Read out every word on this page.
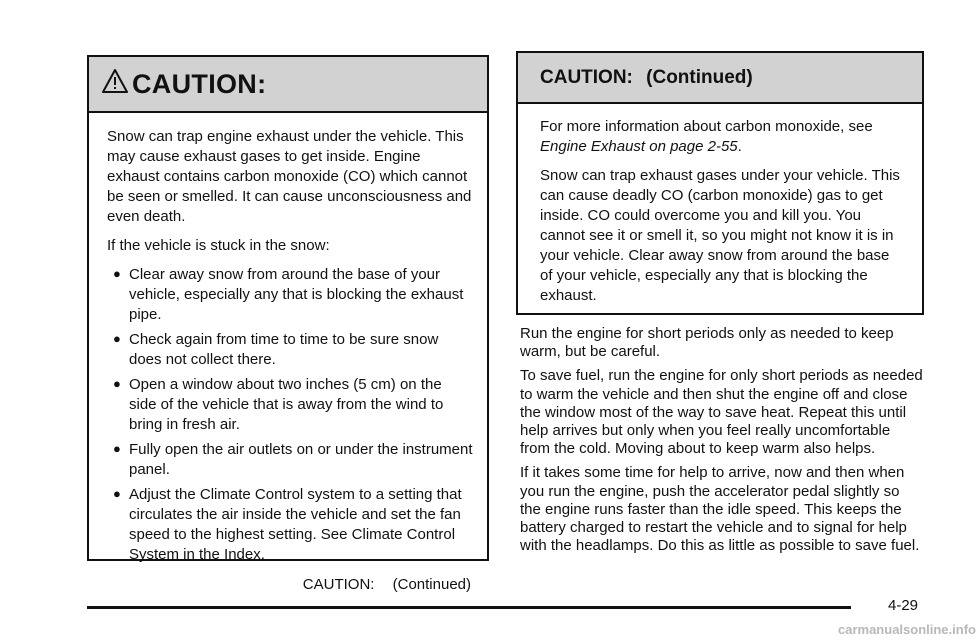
CAUTION:

Snow can trap engine exhaust under the vehicle. This may cause exhaust gases to get inside. Engine exhaust contains carbon monoxide (CO) which cannot be seen or smelled. It can cause unconsciousness and even death.

If the vehicle is stuck in the snow:

● Clear away snow from around the base of your vehicle, especially any that is blocking the exhaust pipe.
● Check again from time to time to be sure snow does not collect there.
● Open a window about two inches (5 cm) on the side of the vehicle that is away from the wind to bring in fresh air.
● Fully open the air outlets on or under the instrument panel.
● Adjust the Climate Control system to a setting that circulates the air inside the vehicle and set the fan speed to the highest setting. See Climate Control System in the Index.
CAUTION: (Continued)
CAUTION: (Continued)

For more information about carbon monoxide, see
Engine Exhaust on page 2-55.

Snow can trap exhaust gases under your vehicle. This can cause deadly CO (carbon monoxide) gas to get inside. CO could overcome you and kill you. You cannot see it or smell it, so you might not know it is in your vehicle. Clear away snow from around the base of your vehicle, especially any that is blocking the exhaust.

Run the engine for short periods only as needed to keep warm, but be careful.

To save fuel, run the engine for only short periods as needed to warm the vehicle and then shut the engine off and close the window most of the way to save heat. Repeat this until help arrives but only when you feel really uncomfortable from the cold. Moving about to keep warm also helps.

If it takes some time for help to arrive, now and then when you run the engine, push the accelerator pedal slightly so the engine runs faster than the idle speed. This keeps the battery charged to restart the vehicle and to signal for help with the headlamps. Do this as little as possible to save fuel.

4-29
carmanualsonline.info
